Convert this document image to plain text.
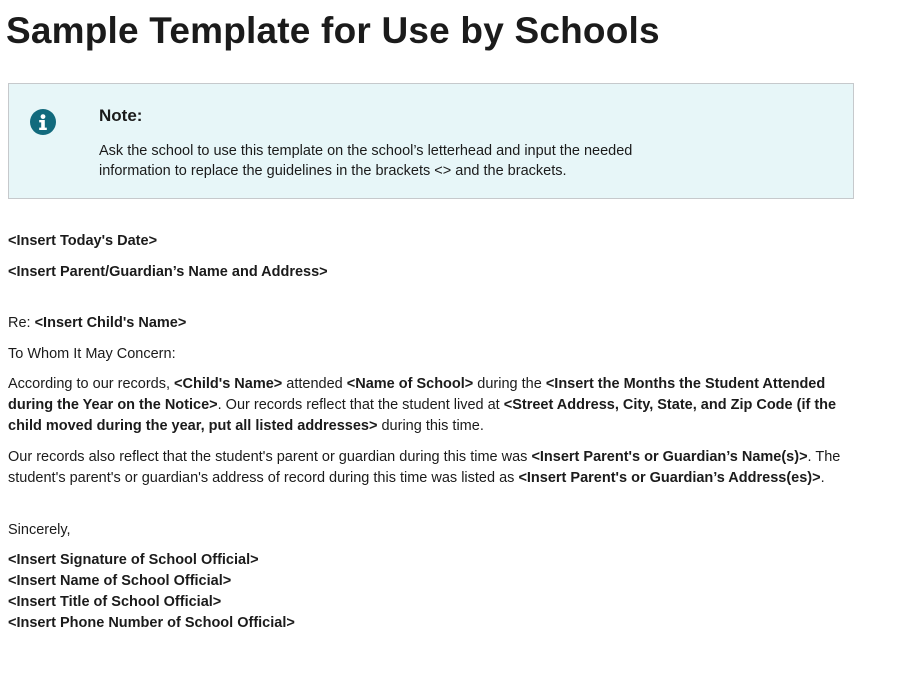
Sample Template for Use by Schools
Note:

Ask the school to use this template on the school’s letterhead and input the needed information to replace the guidelines in the brackets <> and the brackets.

<Insert Today's Date>

<Insert Parent/Guardian’s Name and Address>

Re: <Insert Child's Name>

To Whom It May Concern:

According to our records, <Child's Name> attended <Name of School> during the <Insert the Months the Student Attended during the Year on the Notice>. Our records reflect that the student lived at <Street Address, City, State, and Zip Code (if the child moved during the year, put all listed addresses> during this time.

Our records also reflect that the student's parent or guardian during this time was <Insert Parent's or Guardian’s Name(s)>. The student's parent's or guardian's address of record during this time was listed as <Insert Parent's or Guardian’s Address(es)>.

Sincerely,

<Insert Signature of School Official>
<Insert Name of School Official>
<Insert Title of School Official>
<Insert Phone Number of School Official>
